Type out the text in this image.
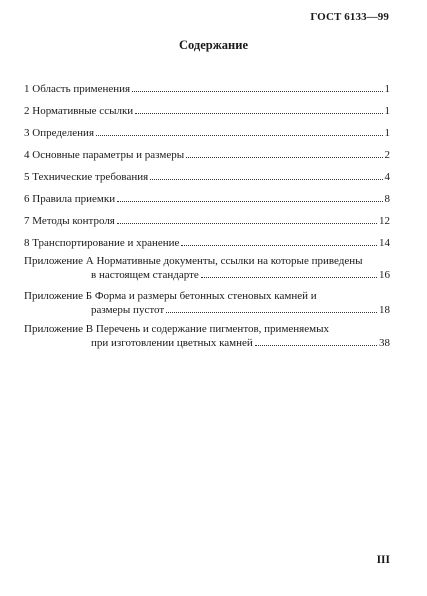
ГОСТ 6133—99
Содержание
1 Область применения	1
2 Нормативные ссылки	1
3 Определения	1
4 Основные параметры и размеры	2
5 Технические требования	4
6 Правила приемки	8
7 Методы контроля	12
8 Транспортирование и хранение	14
Приложение А Нормативные документы, ссылки на которые приведены
в настоящем стандарте	16
Приложение Б Форма и размеры бетонных стеновых камней и
размеры пустот	18
Приложение В Перечень и содержание пигментов, применяемых
при изготовлении цветных камней	38
III
